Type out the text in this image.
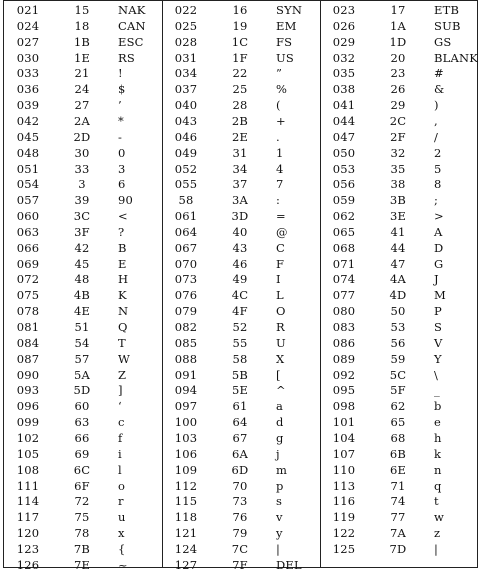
021	15	NAK	022	16	SYN	023	17	ETB
024	18	CAN	025	19	EM	026	1A	SUB
027	1B	ESC	028	1C	FS	029	1D	GS
030	1E	RS	031	1F	US	032	20	BLANK
033	21	!	034	22	”	035	23	#
036	24	$	037	25	%	038	26	&
039	27	’	040	28	(	041	29	)
042	2A	*	043	2B	+	044	2C	,
045	2D	-	046	2E	.	047	2F	/
048	30	0	049	31	1	050	32	2
051	33	3	052	34	4	053	35	5
054	3	6	055	37	7	056	38	8
057	39	90	58	3A	:	059	3B	;
060	3C	<	061	3D	=	062	3E	>
063	3F	?	064	40	@	065	41	A
066	42	B	067	43	C	068	44	D
069	45	E	070	46	F	071	47	G
072	48	H	073	49	I	074	4A	J
075	4B	K	076	4C	L	077	4D	M
078	4E	N	079	4F	O	080	50	P
081	51	Q	082	52	R	083	53	S
084	54	T	085	55	U	086	56	V
087	57	W	088	58	X	089	59	Y
090	5A	Z	091	5B	[	092	5C	\
093	5D	]	094	5E	^	095	5F	_
096	60	‘	097	61	a	098	62	b
099	63	c	100	64	d	101	65	e
102	66	f	103	67	g	104	68	h
105	69	i	106	6A	j	107	6B	k
108	6C	l	109	6D	m	110	6E	n
111	6F	o	112	70	p	113	71	q
114	72	r	115	73	s	116	74	t
117	75	u	118	76	v	119	77	w
120	78	x	121	79	y	122	7A	z
123	7B	{	124	7C	|	125	7D	|
126	7E	~	127	7F	DEL
